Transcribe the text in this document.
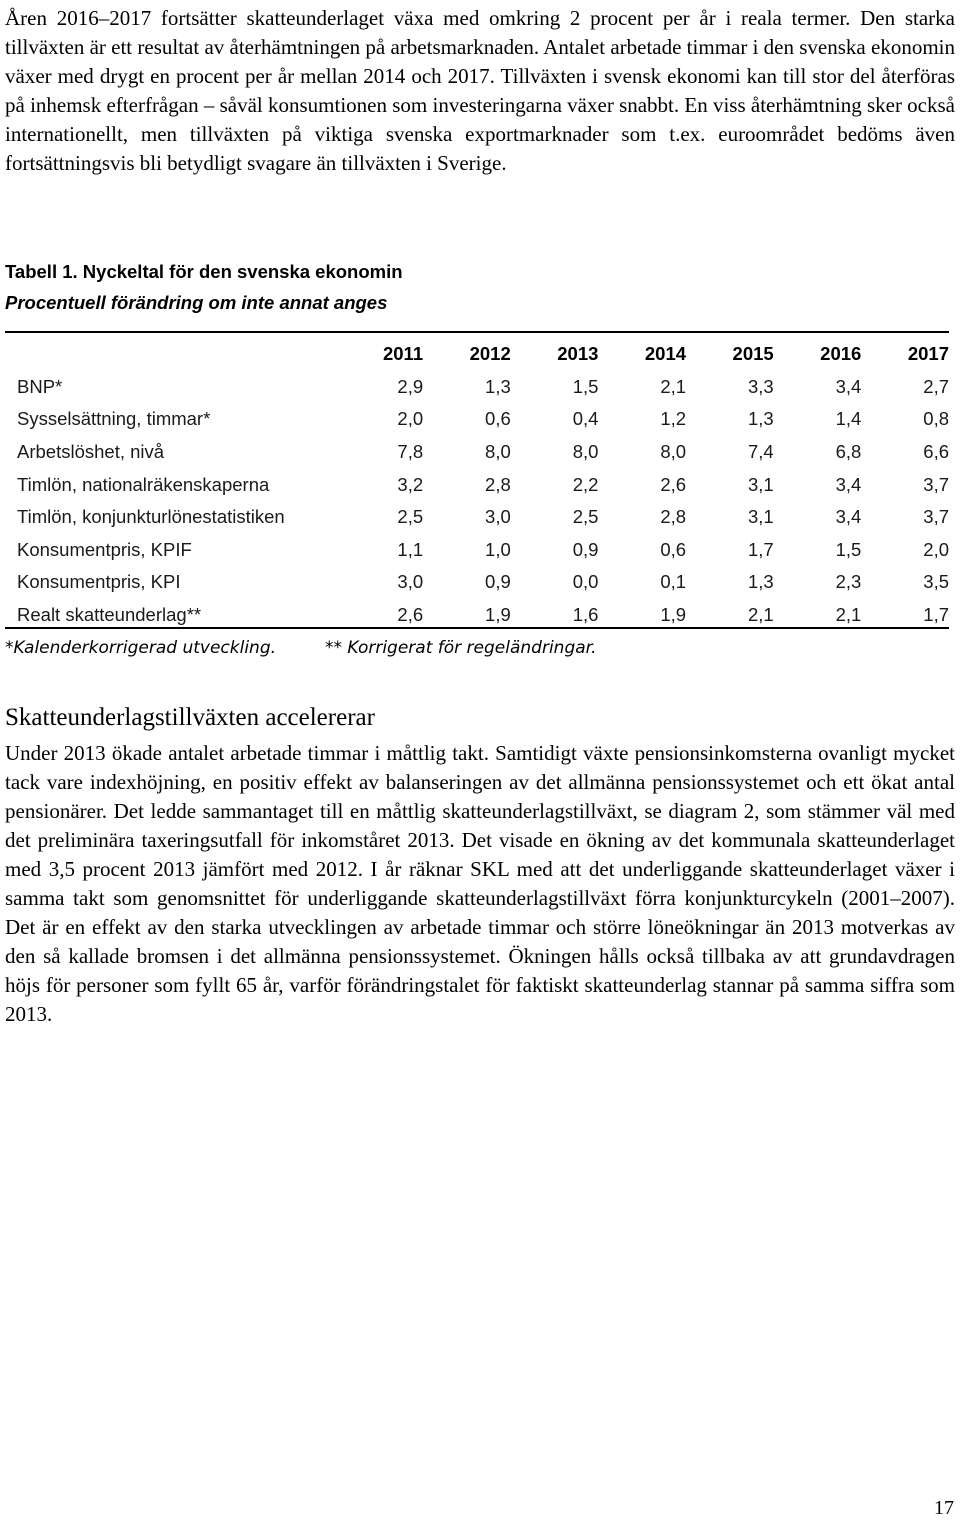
Åren 2016–2017 fortsätter skatteunderlaget växa med omkring 2 procent per år i reala termer. Den starka tillväxten är ett resultat av återhämtningen på arbetsmarknaden. Antalet arbetade timmar i den svenska ekonomin växer med drygt en procent per år mellan 2014 och 2017. Tillväxten i svensk ekonomi kan till stor del återföras på inhemsk efterfrågan – såväl konsumtionen som investeringarna växer snabbt. En viss återhämtning sker också internationellt, men tillväxten på viktiga svenska exportmarknader som t.ex. euroområdet bedöms även fortsättningsvis bli betydligt svagare än tillväxten i Sverige.

Tabell 1. Nyckeltal för den svenska ekonomin

Procentuell förändring om inte annat anges

	2011	2012	2013	2014	2015	2016	2017
BNP*	2,9	1,3	1,5	2,1	3,3	3,4	2,7
Sysselsättning, timmar*	2,0	0,6	0,4	1,2	1,3	1,4	0,8
Arbetslöshet, nivå	7,8	8,0	8,0	8,0	7,4	6,8	6,6
Timlön, nationalräkenskaperna	3,2	2,8	2,2	2,6	3,1	3,4	3,7
Timlön, konjunkturlönestatistiken	2,5	3,0	2,5	2,8	3,1	3,4	3,7
Konsumentpris, KPIF	1,1	1,0	0,9	0,6	1,7	1,5	2,0
Konsumentpris, KPI	3,0	0,9	0,0	0,1	1,3	2,3	3,5
Realt skatteunderlag**	2,6	1,9	1,6	1,9	2,1	2,1	1,7

*Kalenderkorrigerad utveckling.	** Korrigerat för regeländringar.

Skatteunderlagstillväxten accelererar

Under 2013 ökade antalet arbetade timmar i måttlig takt. Samtidigt växte pensionsinkomsterna ovanligt mycket tack vare indexhöjning, en positiv effekt av balanseringen av det allmänna pensionssystemet och ett ökat antal pensionärer. Det ledde sammantaget till en måttlig skatteunderlagstillväxt, se diagram 2, som stämmer väl med det preliminära taxeringsutfall för inkomståret 2013. Det visade en ökning av det kommunala skatteunderlaget med 3,5 procent 2013 jämfört med 2012. I år räknar SKL med att det underliggande skatteunderlaget växer i samma takt som genomsnittet för underliggande skatteunderlagstillväxt förra konjunkturcykeln (2001–2007). Det är en effekt av den starka utvecklingen av arbetade timmar och större löneökningar än 2013 motverkas av den så kallade bromsen i det allmänna pensionssystemet. Ökningen hålls också tillbaka av att grundavdragen höjs för personer som fyllt 65 år, varför förändringstalet för faktiskt skatteunderlag stannar på samma siffra som 2013.

17
